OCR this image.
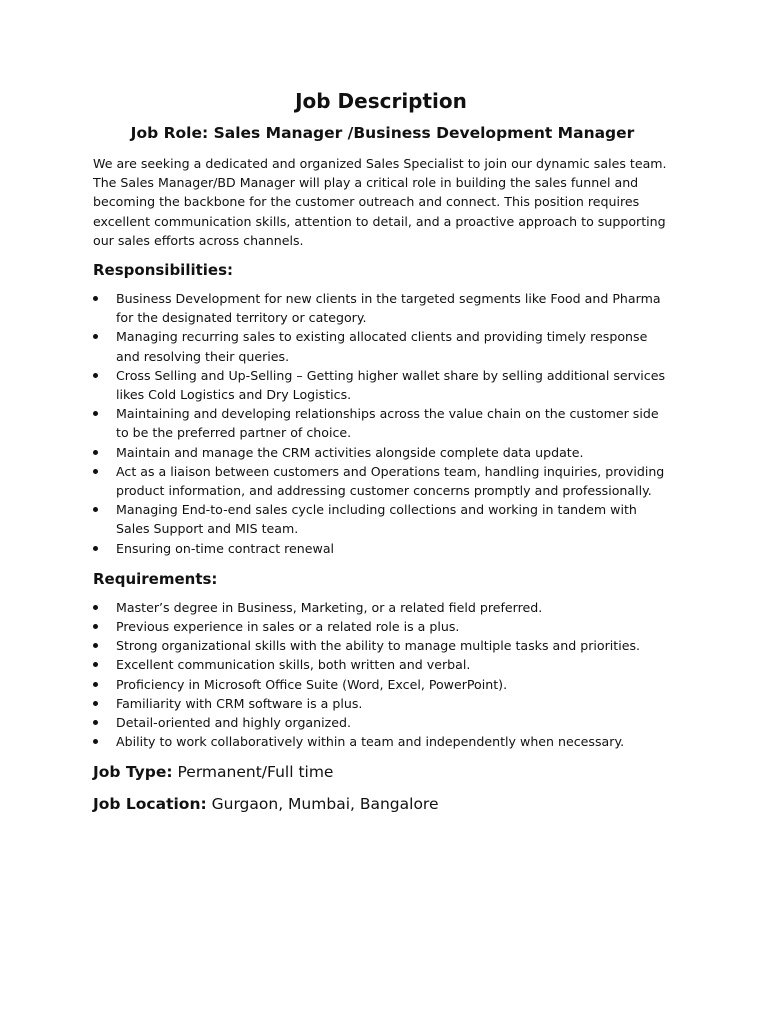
Job Description
Job Role: Sales Manager /Business Development Manager

We are seeking a dedicated and organized Sales Specialist to join our dynamic sales team. The Sales Manager/BD Manager will play a critical role in building the sales funnel and becoming the backbone for the customer outreach and connect. This position requires excellent communication skills, attention to detail, and a proactive approach to supporting our sales efforts across channels.

Responsibilities:
Business Development for new clients in the targeted segments like Food and Pharma for the designated territory or category.
Managing recurring sales to existing allocated clients and providing timely response and resolving their queries.
Cross Selling and Up-Selling – Getting higher wallet share by selling additional services likes Cold Logistics and Dry Logistics.
Maintaining and developing relationships across the value chain on the customer side to be the preferred partner of choice.
Maintain and manage the CRM activities alongside complete data update.
Act as a liaison between customers and Operations team, handling inquiries, providing product information, and addressing customer concerns promptly and professionally.
Managing End-to-end sales cycle including collections and working in tandem with Sales Support and MIS team.
Ensuring on-time contract renewal
Requirements:
Master’s degree in Business, Marketing, or a related field preferred.
Previous experience in sales or a related role is a plus.
Strong organizational skills with the ability to manage multiple tasks and priorities.
Excellent communication skills, both written and verbal.
Proficiency in Microsoft Office Suite (Word, Excel, PowerPoint).
Familiarity with CRM software is a plus.
Detail-oriented and highly organized.
Ability to work collaboratively within a team and independently when necessary.

Job Type: Permanent/Full time

Job Location: Gurgaon, Mumbai, Bangalore
